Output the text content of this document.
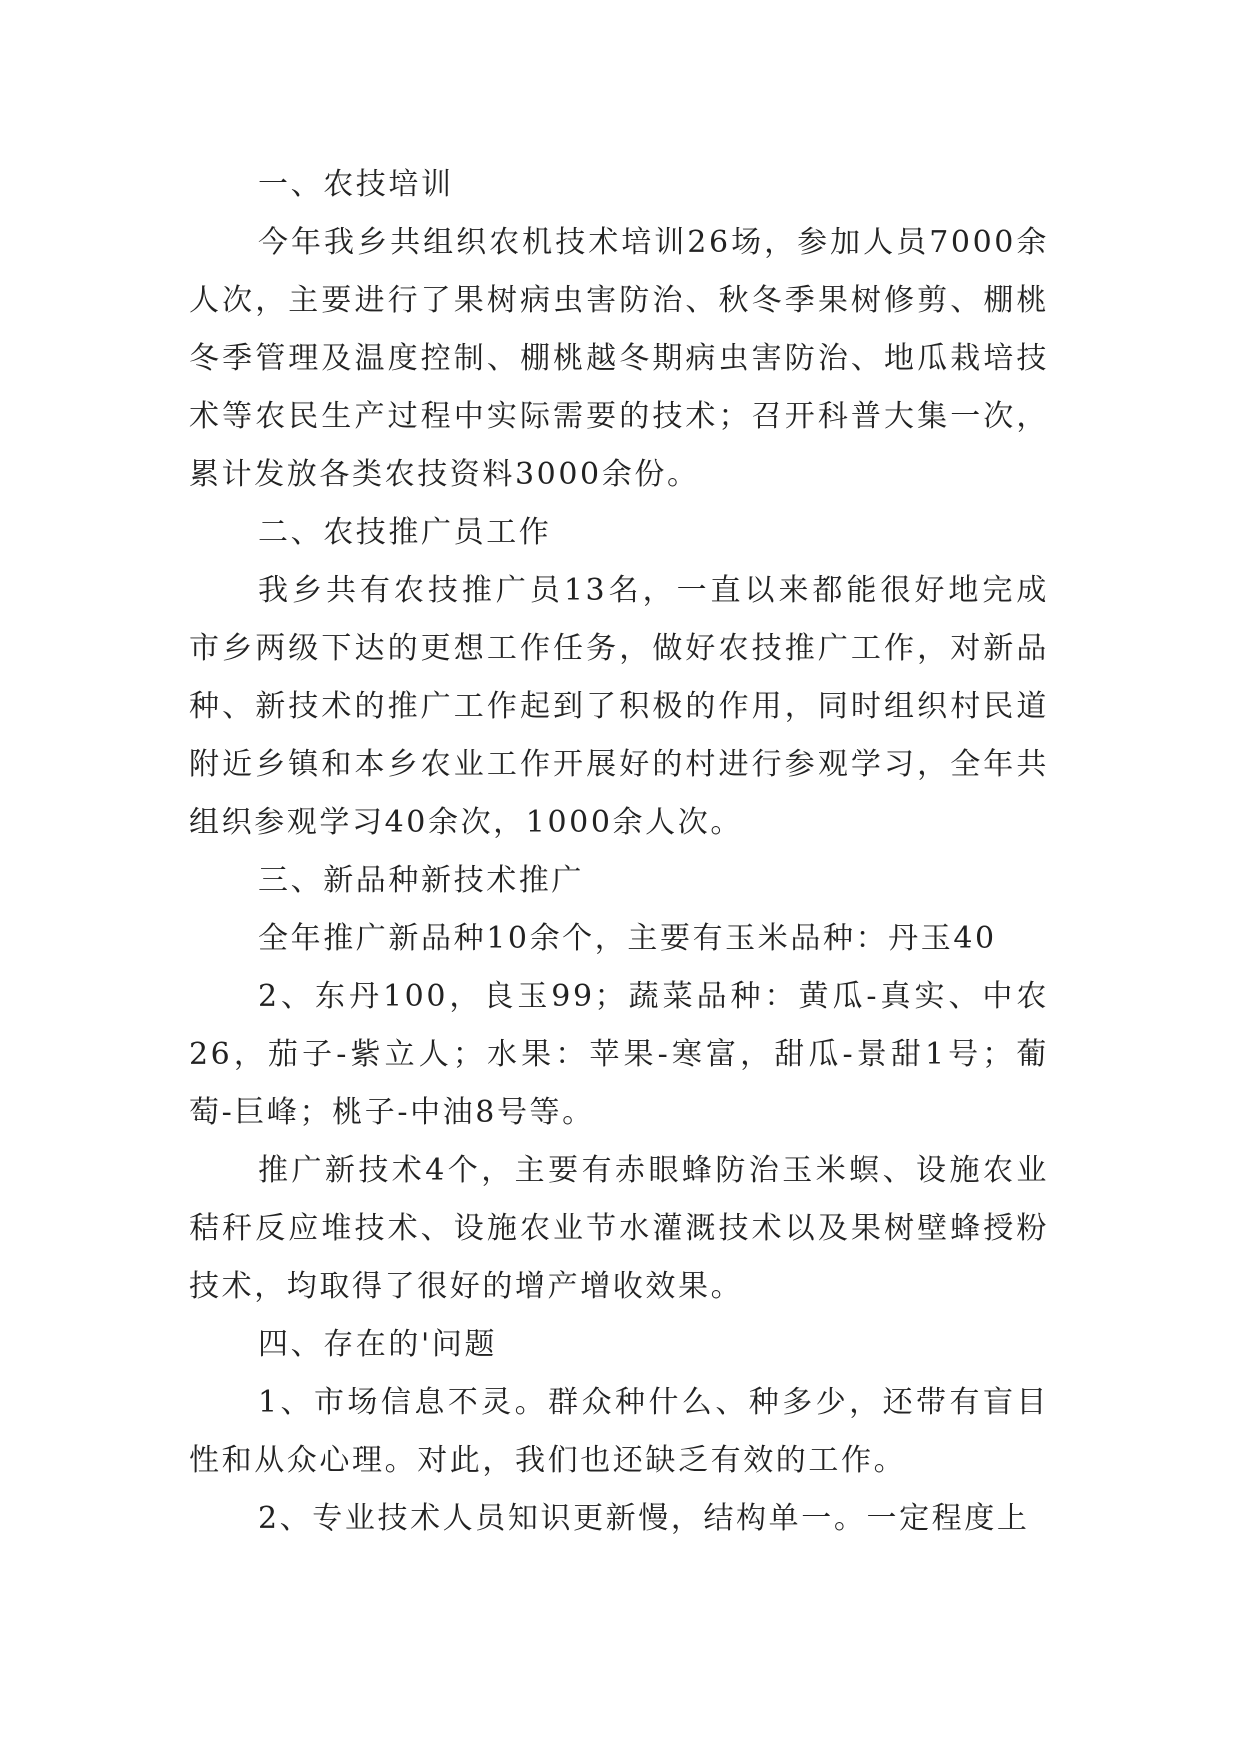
一、农技培训

今年我乡共组织农机技术培训26场，参加人员7000余人次，主要进行了果树病虫害防治、秋冬季果树修剪、棚桃冬季管理及温度控制、棚桃越冬期病虫害防治、地瓜栽培技术等农民生产过程中实际需要的技术；召开科普大集一次，累计发放各类农技资料3000余份。

二、农技推广员工作

我乡共有农技推广员13名，一直以来都能很好地完成市乡两级下达的更想工作任务，做好农技推广工作，对新品种、新技术的推广工作起到了积极的作用，同时组织村民道附近乡镇和本乡农业工作开展好的村进行参观学习，全年共组织参观学习40余次，1000余人次。

三、新品种新技术推广

全年推广新品种10余个，主要有玉米品种：丹玉40

2、东丹100，良玉99；蔬菜品种：黄瓜-真实、中农26，茄子-紫立人；水果：苹果-寒富，甜瓜-景甜1号；葡萄-巨峰；桃子-中油8号等。

推广新技术4个，主要有赤眼蜂防治玉米螟、设施农业秸秆反应堆技术、设施农业节水灌溉技术以及果树壁蜂授粉技术，均取得了很好的增产增收效果。

四、存在的'问题

1、市场信息不灵。群众种什么、种多少，还带有盲目性和从众心理。对此，我们也还缺乏有效的工作。

2、专业技术人员知识更新慢，结构单一。一定程度上
